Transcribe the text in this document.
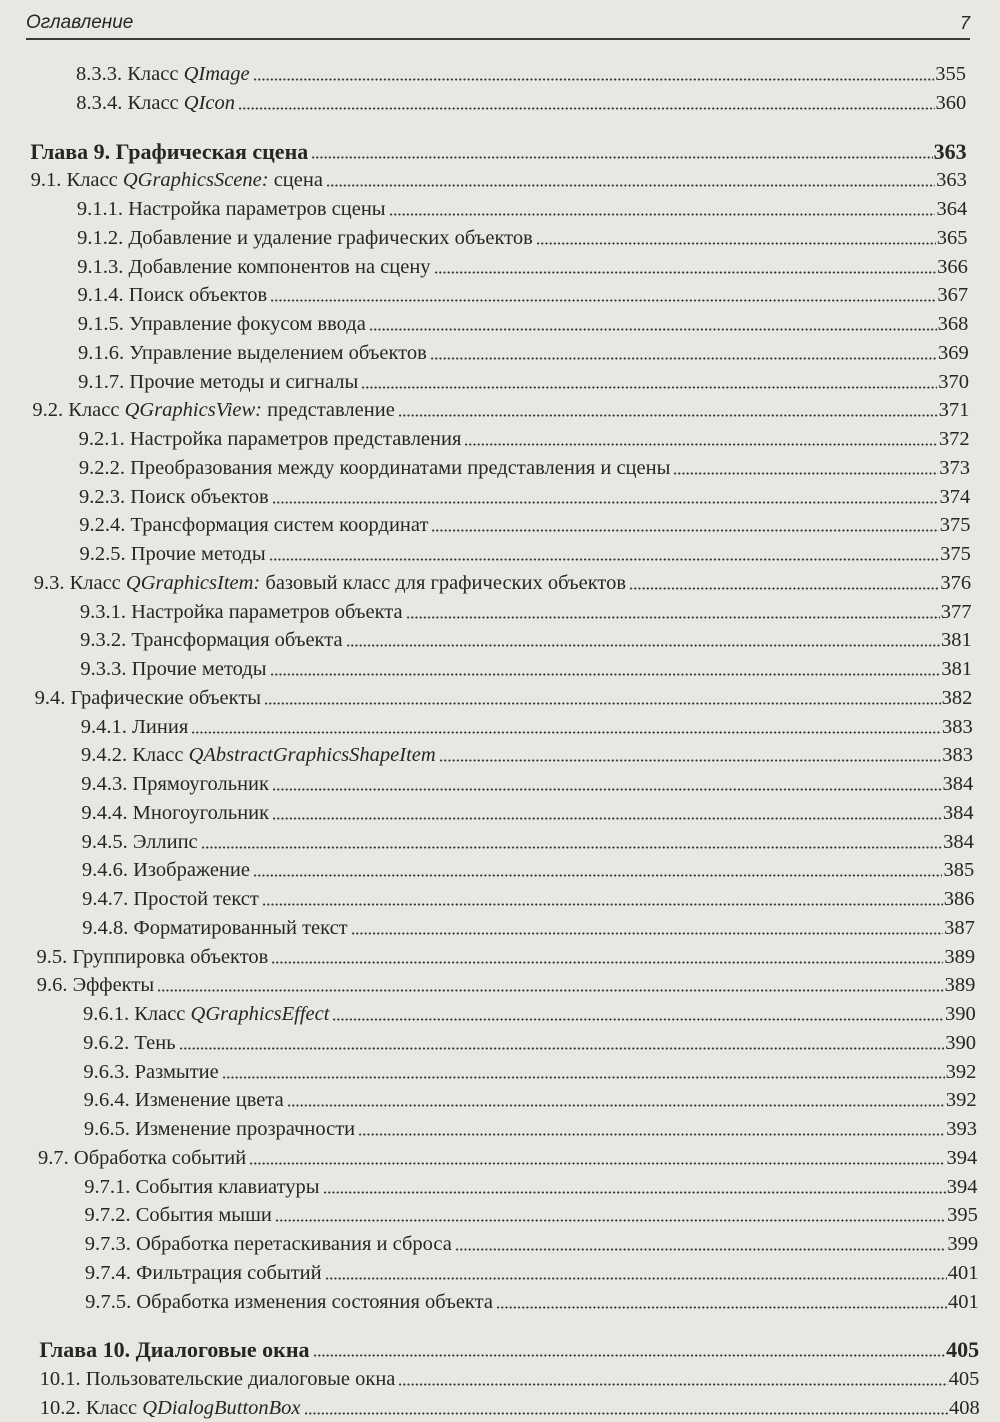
Оглавление	7
8.3.3. Класс QImage	355
8.3.4. Класс QIcon	360
Глава 9. Графическая сцена	363
9.1. Класс QGraphicsScene: сцена	363
9.1.1. Настройка параметров сцены	364
9.1.2. Добавление и удаление графических объектов	365
9.1.3. Добавление компонентов на сцену	366
9.1.4. Поиск объектов	367
9.1.5. Управление фокусом ввода	368
9.1.6. Управление выделением объектов	369
9.1.7. Прочие методы и сигналы	370
9.2. Класс QGraphicsView: представление	371
9.2.1. Настройка параметров представления	372
9.2.2. Преобразования между координатами представления и сцены	373
9.2.3. Поиск объектов	374
9.2.4. Трансформация систем координат	375
9.2.5. Прочие методы	375
9.3. Класс QGraphicsItem: базовый класс для графических объектов	376
9.3.1. Настройка параметров объекта	377
9.3.2. Трансформация объекта	381
9.3.3. Прочие методы	381
9.4. Графические объекты	382
9.4.1. Линия	383
9.4.2. Класс QAbstractGraphicsShapeItem	383
9.4.3. Прямоугольник	384
9.4.4. Многоугольник	384
9.4.5. Эллипс	384
9.4.6. Изображение	385
9.4.7. Простой текст	386
9.4.8. Форматированный текст	387
9.5. Группировка объектов	389
9.6. Эффекты	389
9.6.1. Класс QGraphicsEffect	390
9.6.2. Тень	390
9.6.3. Размытие	392
9.6.4. Изменение цвета	392
9.6.5. Изменение прозрачности	393
9.7. Обработка событий	394
9.7.1. События клавиатуры	394
9.7.2. События мыши	395
9.7.3. Обработка перетаскивания и сброса	399
9.7.4. Фильтрация событий	401
9.7.5. Обработка изменения состояния объекта	401
Глава 10. Диалоговые окна	405
10.1. Пользовательские диалоговые окна	405
10.2. Класс QDialogButtonBox	408
